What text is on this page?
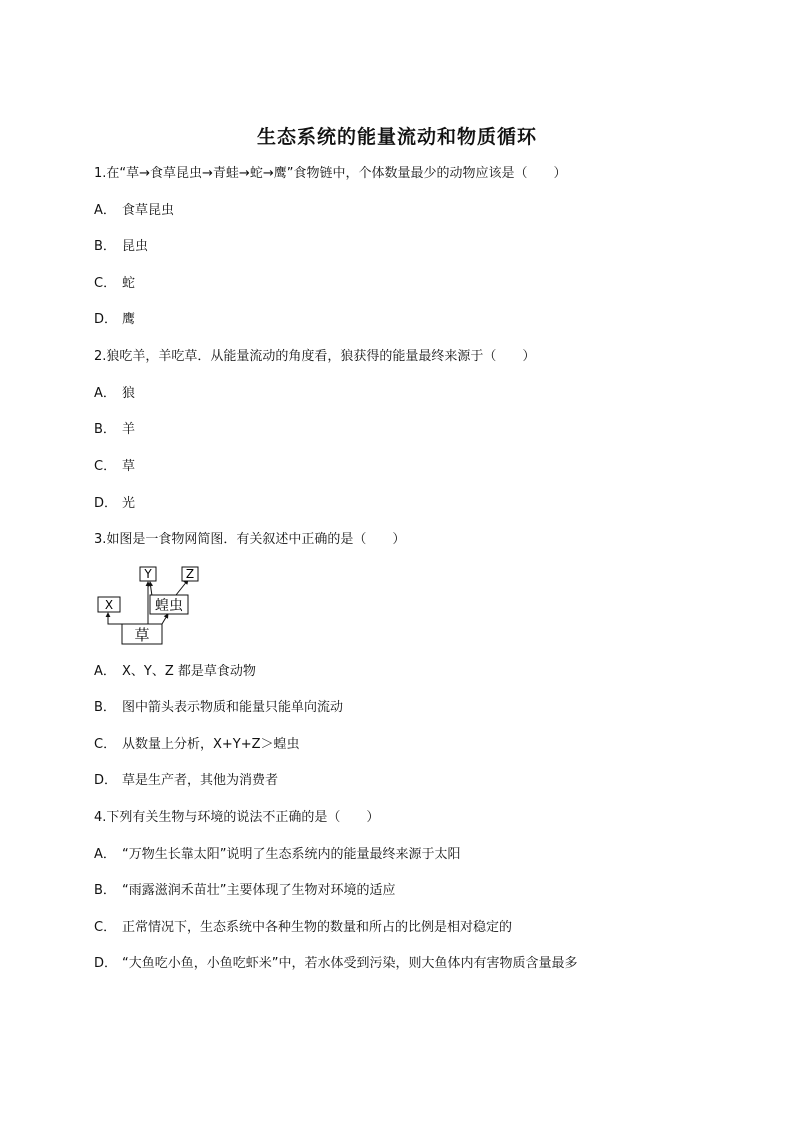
生态系统的能量流动和物质循环
1.在“草→食草昆虫→青蛙→蛇→鹰”食物链中，个体数量最少的动物应该是（　　）
A． 食草昆虫
B． 昆虫
C． 蛇
D． 鹰
2.狼吃羊，羊吃草．从能量流动的角度看，狼获得的能量最终来源于（　　）
A． 狼
B． 羊
C． 草
D． 光
3.如图是一食物网简图．有关叙述中正确的是（　　）
X
Y	Z
蝗虫
草
A． X、Y、Z 都是草食动物
B． 图中箭头表示物质和能量只能单向流动
C． 从数量上分析，X+Y+Z＞蝗虫
D． 草是生产者，其他为消费者
4.下列有关生物与环境的说法不正确的是（　　）
A． “万物生长靠太阳”说明了生态系统内的能量最终来源于太阳
B． “雨露滋润禾苗壮”主要体现了生物对环境的适应
C． 正常情况下，生态系统中各种生物的数量和所占的比例是相对稳定的
D． “大鱼吃小鱼，小鱼吃虾米”中，若水体受到污染，则大鱼体内有害物质含量最多
